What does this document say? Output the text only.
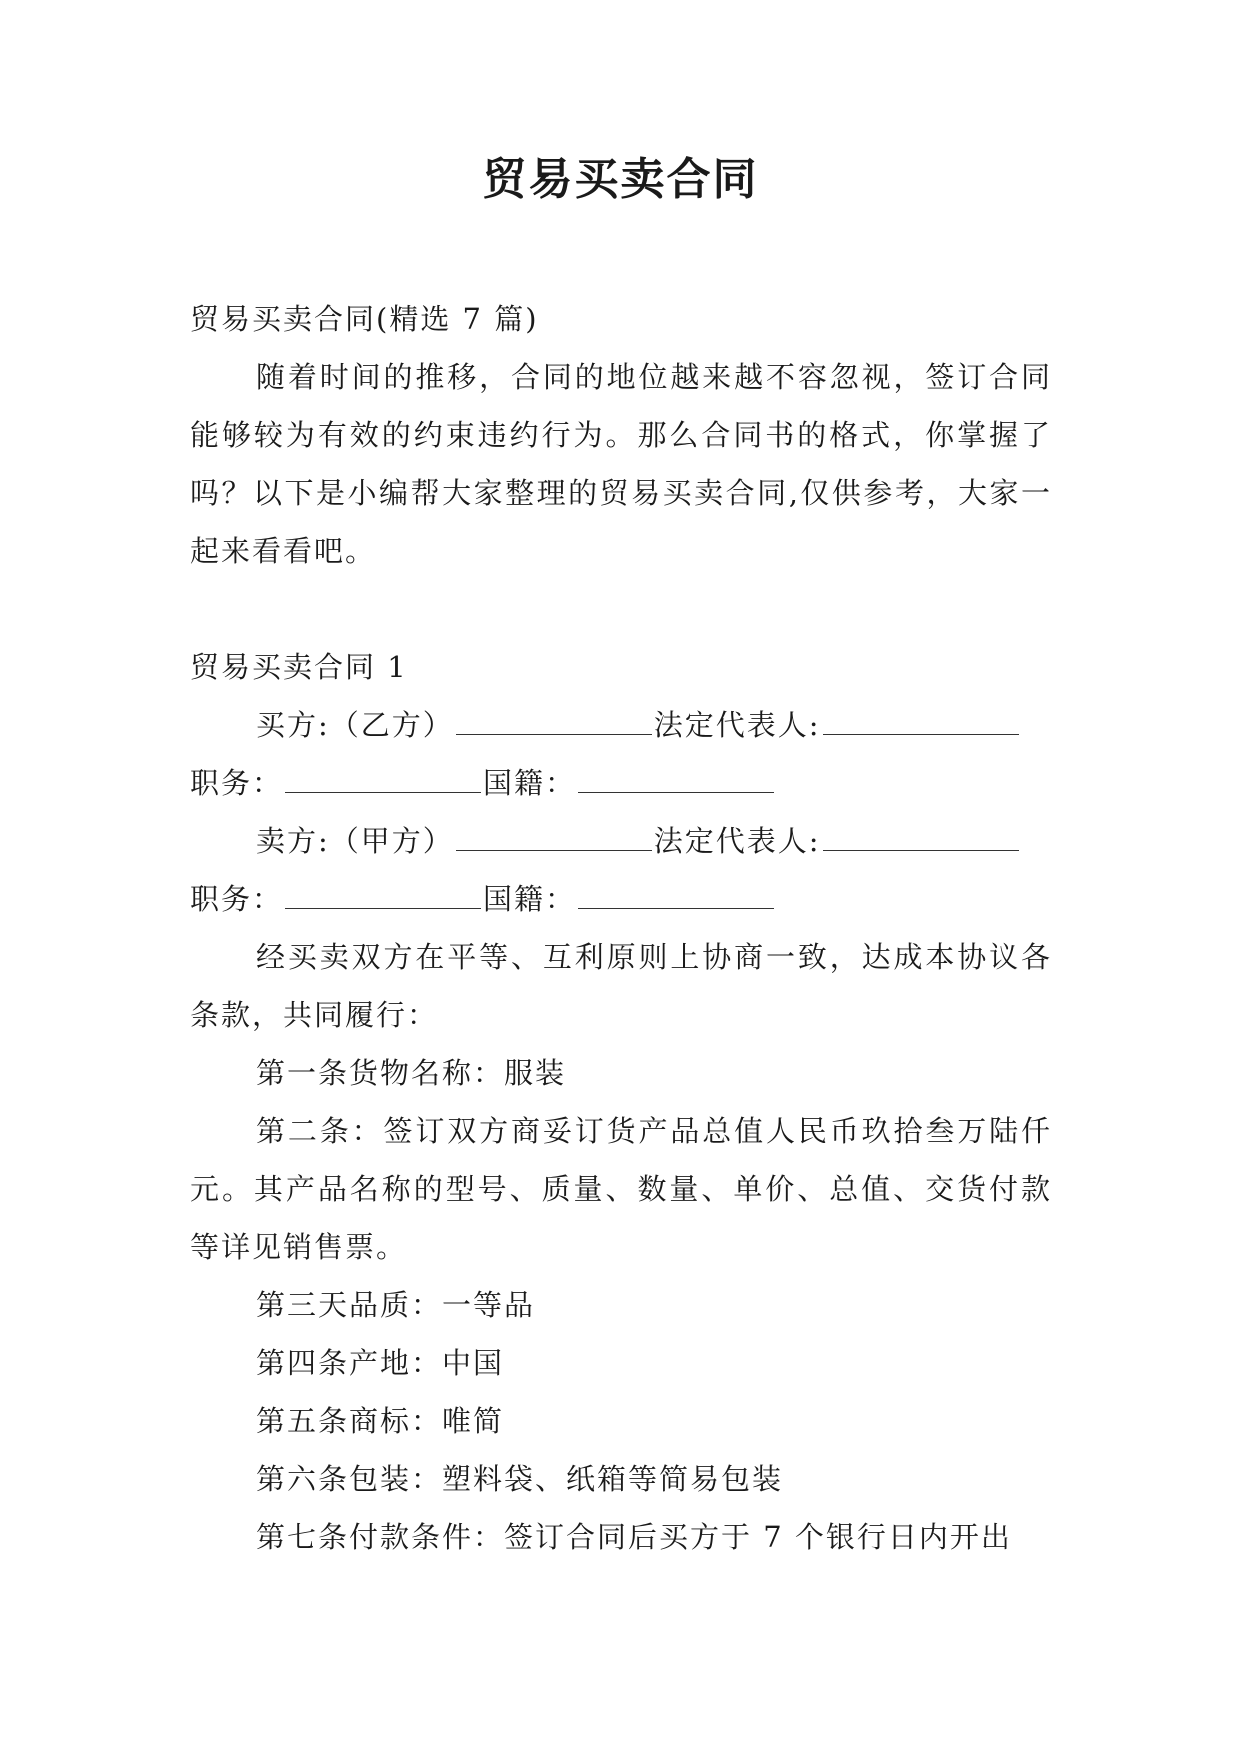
贸易买卖合同

贸易买卖合同(精选 7 篇)

随着时间的推移，合同的地位越来越不容忽视，签订合同能够较为有效的约束违约行为。那么合同书的格式，你掌握了吗？以下是小编帮大家整理的贸易买卖合同,仅供参考，大家一起来看看吧。

贸易买卖合同 1

买方:（乙方）	法定代表人:

职务：	国籍：

卖方:（甲方）	法定代表人:

职务：	国籍：

经买卖双方在平等、互利原则上协商一致，达成本协议各条款，共同履行：

第一条货物名称：服装

第二条：签订双方商妥订货产品总值人民币玖拾叁万陆仟元。其产品名称的型号、质量、数量、单价、总值、交货付款等详见销售票。

第三天品质：一等品

第四条产地：中国

第五条商标：唯简

第六条包装：塑料袋、纸箱等简易包装

第七条付款条件：签订合同后买方于 7 个银行日内开出
